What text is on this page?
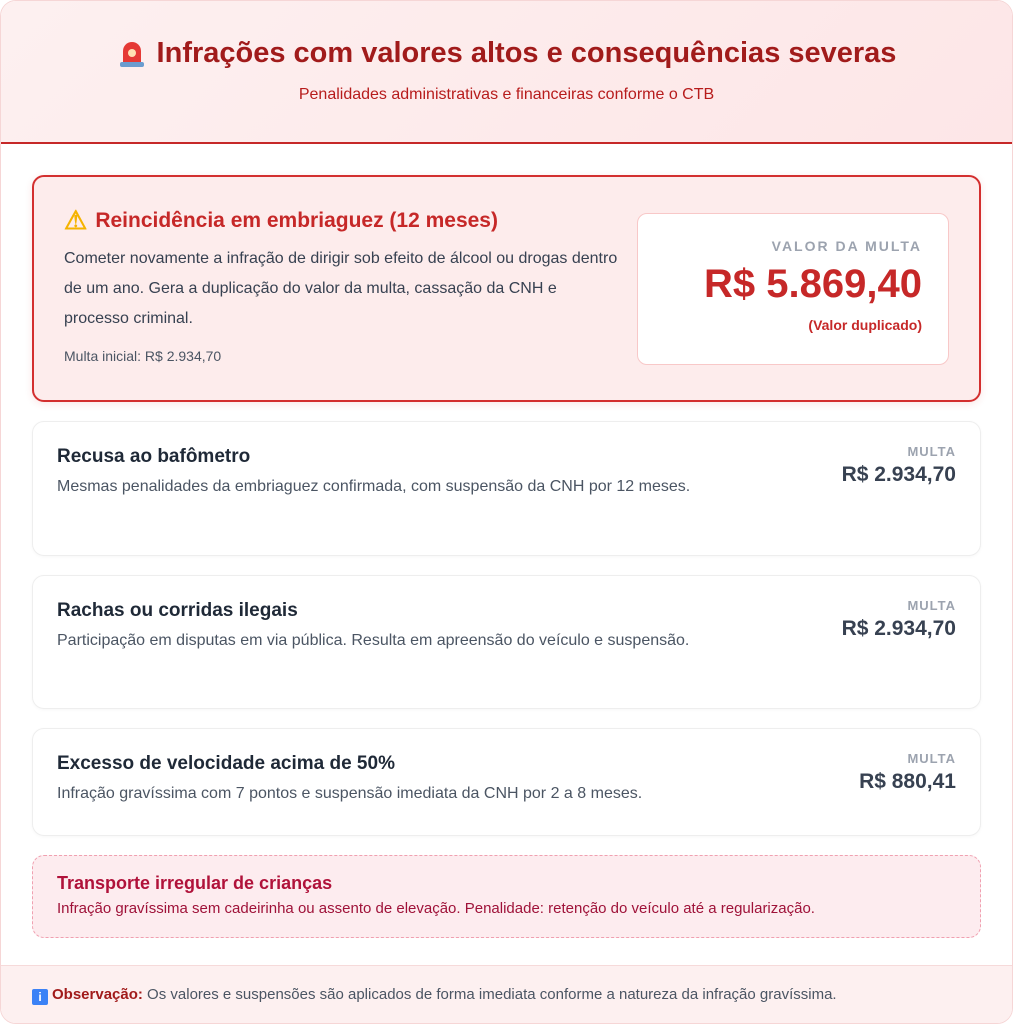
Infrações com valores altos e consequências severas
Penalidades administrativas e financeiras conforme o CTB
⚠ Reincidência em embriaguez (12 meses)
Cometer novamente a infração de dirigir sob efeito de álcool ou drogas dentro de um ano. Gera a duplicação do valor da multa, cassação da CNH e processo criminal.
Multa inicial: R$ 2.934,70
VALOR DA MULTA
R$ 5.869,40
(Valor duplicado)
Recusa ao bafômetro
Mesmas penalidades da embriaguez confirmada, com suspensão da CNH por 12 meses.
MULTA
R$ 2.934,70
Rachas ou corridas ilegais
Participação em disputas em via pública. Resulta em apreensão do veículo e suspensão.
MULTA
R$ 2.934,70
Excesso de velocidade acima de 50%
Infração gravíssima com 7 pontos e suspensão imediata da CNH por 2 a 8 meses.
MULTA
R$ 880,41
Transporte irregular de crianças
Infração gravíssima sem cadeirinha ou assento de elevação. Penalidade: retenção do veículo até a regularização.
i Observação: Os valores e suspensões são aplicados de forma imediata conforme a natureza da infração gravíssima.
